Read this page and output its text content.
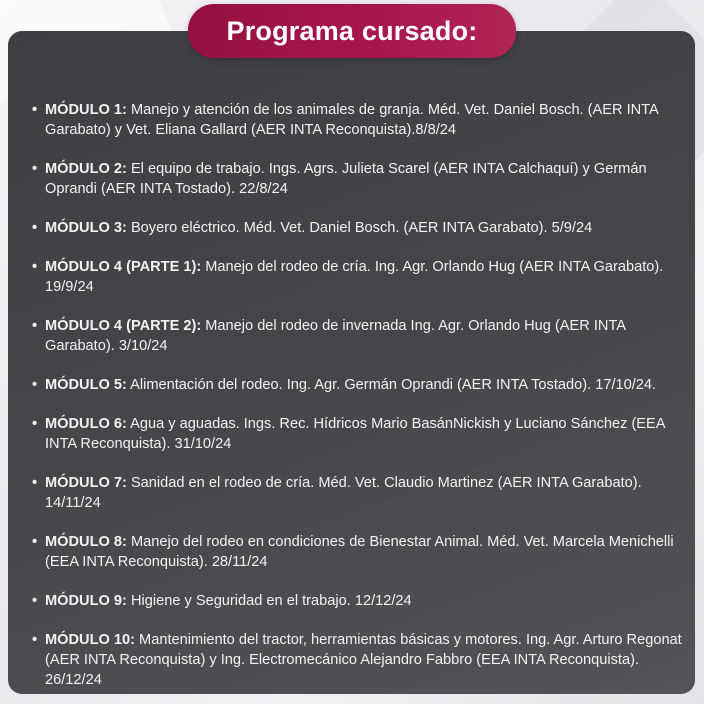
• MÓDULO 1: Manejo y atención de los animales de granja. Méd. Vet. Daniel Bosch. (AER INTA Garabato) y Vet. Eliana Gallard (AER INTA Reconquista).8/8/24
• MÓDULO 2: El equipo de trabajo. Ings. Agrs. Julieta Scarel (AER INTA Calchaquí) y Germán Oprandi (AER INTA Tostado). 22/8/24
• MÓDULO 3: Boyero eléctrico. Méd. Vet. Daniel Bosch. (AER INTA Garabato). 5/9/24
• MÓDULO 4 (PARTE 1): Manejo del rodeo de cría. Ing. Agr. Orlando Hug (AER INTA Garabato). 19/9/24
• MÓDULO 4 (PARTE 2): Manejo del rodeo de invernada Ing. Agr. Orlando Hug (AER INTA Garabato). 3/10/24
• MÓDULO 5: Alimentación del rodeo. Ing. Agr. Germán Oprandi (AER INTA Tostado). 17/10/24.
• MÓDULO 6: Agua y aguadas. Ings. Rec. Hídricos Mario BasánNickish y Luciano Sánchez (EEA INTA Reconquista). 31/10/24
• MÓDULO 7: Sanidad en el rodeo de cría. Méd. Vet. Claudio Martinez (AER INTA Garabato). 14/11/24
• MÓDULO 8: Manejo del rodeo en condiciones de Bienestar Animal. Méd. Vet. Marcela Menichelli (EEA INTA Reconquista). 28/11/24
• MÓDULO 9: Higiene y Seguridad en el trabajo. 12/12/24
• MÓDULO 10: Mantenimiento del tractor, herramientas básicas y motores. Ing. Agr. Arturo Regonat (AER INTA Reconquista) y Ing. Electromecánico Alejandro Fabbro (EEA INTA Reconquista). 26/12/24
Programa cursado:
